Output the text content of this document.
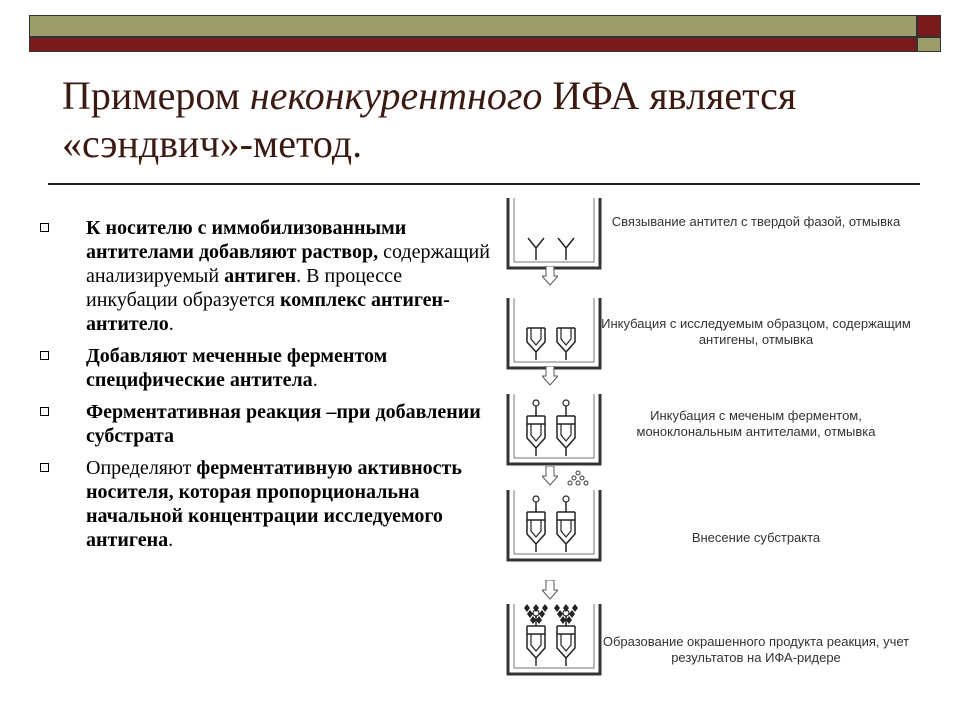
Примером неконкурентного ИФА является «сэндвич»-метод.
К носителю с иммобилизованными антителами добавляют раствор, содержащий анализируемый антиген. В процессе инкубации образуется комплекс антиген-антитело.
Добавляют меченные ферментом специфические антитела.
Ферментативная реакция –при добавлении субстрата
Определяют ферментативную активность носителя, которая пропорциональна начальной концентрации исследуемого антигена.
Связывание антител с твердой фазой, отмывка
Инкубация с исследуемым образцом, содержащим антигены, отмывка
Инкубация с меченым ферментом, моноклональным антителами, отмывка
Внесение субстракта
Образование окрашенного продукта реакция, учет результатов на ИФА-ридере
